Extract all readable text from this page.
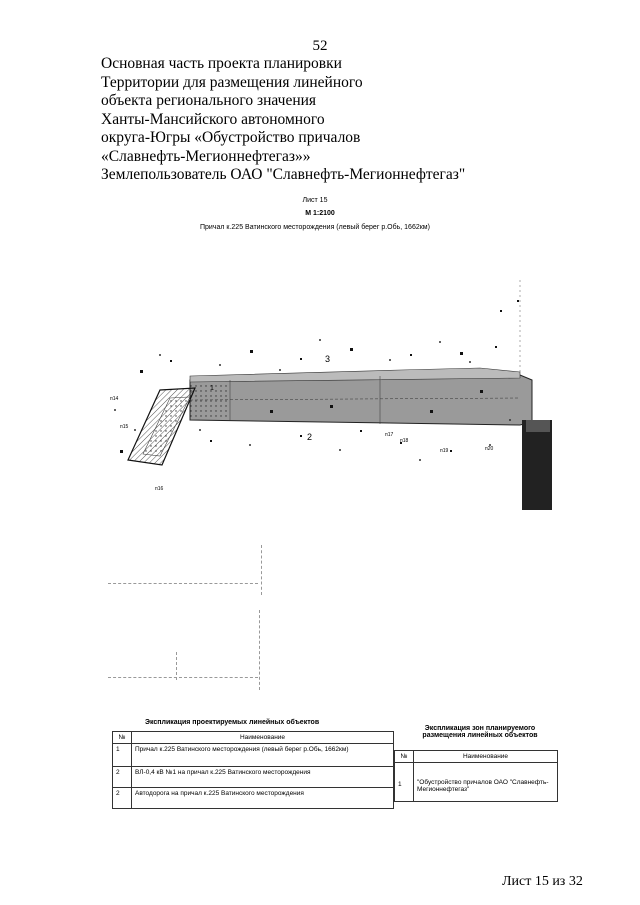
52
Основная часть проекта планировки
Территории для размещения линейного
объекта регионального значения
Ханты-Мансийского автономного
округа-Югры «Обустройство причалов
«Славнефть-Мегионнефтегаз»»
Землепользователь ОАО "Славнефть-Мегионнефтегаз"
Лист 15
М 1:2100
Причал к.225 Ватинского месторождения (левый берег р.Обь, 1662км)
3
2
1
п14
п15
п16
п17
п18
п19	п20
Экспликация проектируемых линейных объектов
№	Наименование
1	Причал к.225 Ватинского месторождения (левый берег р.Обь, 1662км)
2	ВЛ-0,4 кВ №1 на причал к.225 Ватинского месторождения
2	Автодорога на причал к.225 Ватинского месторождения
Экспликация зон планируемого
размещения линейных объектов
№	Наименование
1	"Обустройство причалов ОАО "Славнефть-Мегионнефтегаз"
Лист 15 из 32
